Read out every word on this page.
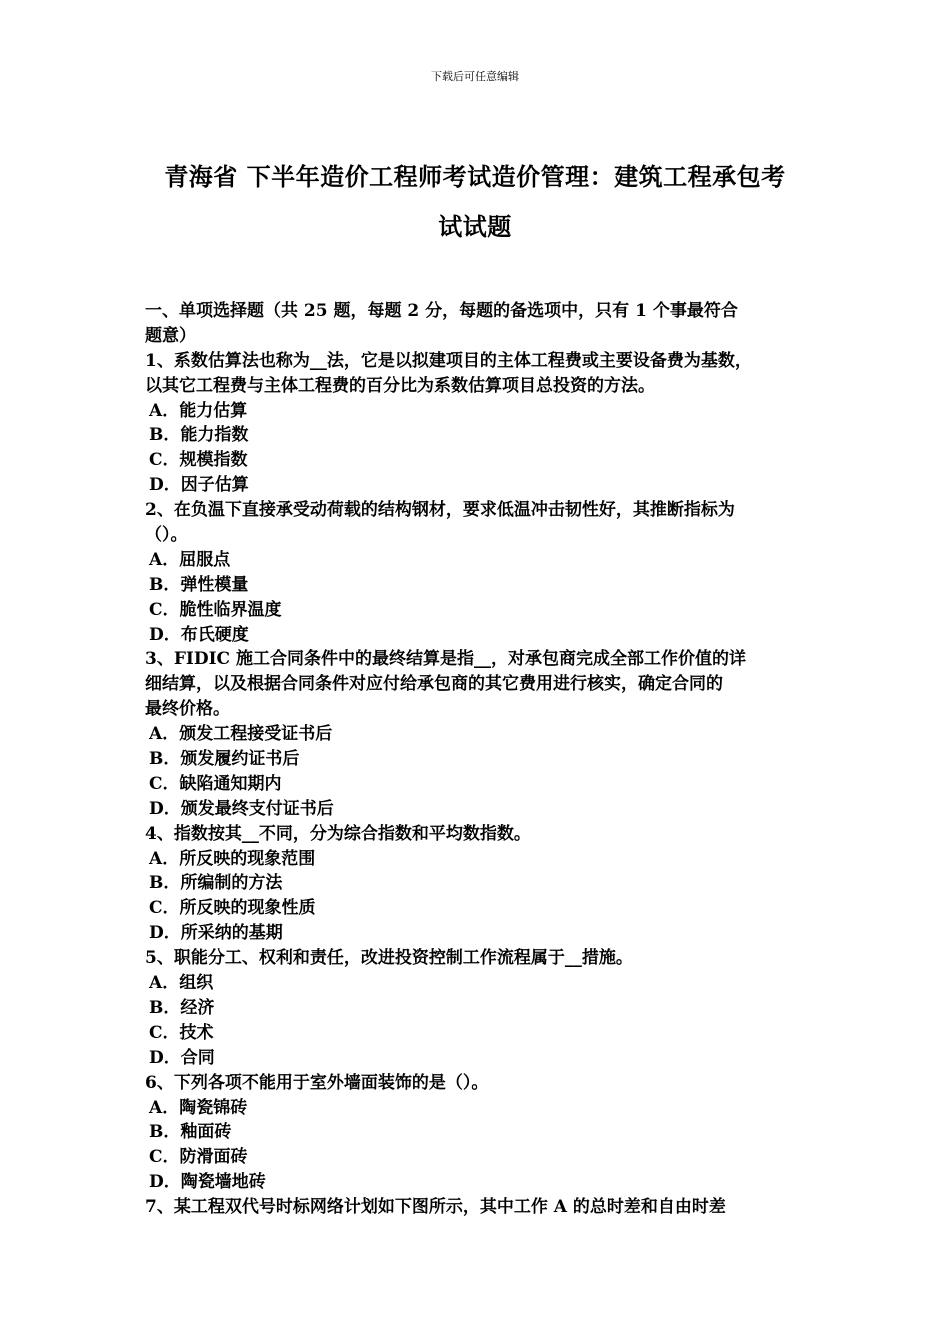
下载后可任意编辑
青海省 下半年造价工程师考试造价管理：建筑工程承包考
试试题
一、单项选择题（共 25 题，每题 2 分，每题的备选项中，只有 1 个事最符合
题意）
1、系数估算法也称为__法，它是以拟建项目的主体工程费或主要设备费为基数，
以其它工程费与主体工程费的百分比为系数估算项目总投资的方法。
A．能力估算
B．能力指数
C．规模指数
D．因子估算
2、在负温下直接承受动荷载的结构钢材，要求低温冲击韧性好，其推断指标为
（）。
A．屈服点
B．弹性模量
C．脆性临界温度
D．布氏硬度
3、FIDIC 施工合同条件中的最终结算是指__，对承包商完成全部工作价值的详
细结算，以及根据合同条件对应付给承包商的其它费用进行核实，确定合同的
最终价格。
A．颁发工程接受证书后
B．颁发履约证书后
C．缺陷通知期内
D．颁发最终支付证书后
4、指数按其__不同，分为综合指数和平均数指数。
A．所反映的现象范围
B．所编制的方法
C．所反映的现象性质
D．所采纳的基期
5、职能分工、权利和责任，改进投资控制工作流程属于__措施。
A．组织
B．经济
C．技术
D．合同
6、下列各项不能用于室外墙面装饰的是（）。
A．陶瓷锦砖
B．釉面砖
C．防滑面砖
D．陶瓷墙地砖
7、某工程双代号时标网络计划如下图所示，其中工作 A 的总时差和自由时差
